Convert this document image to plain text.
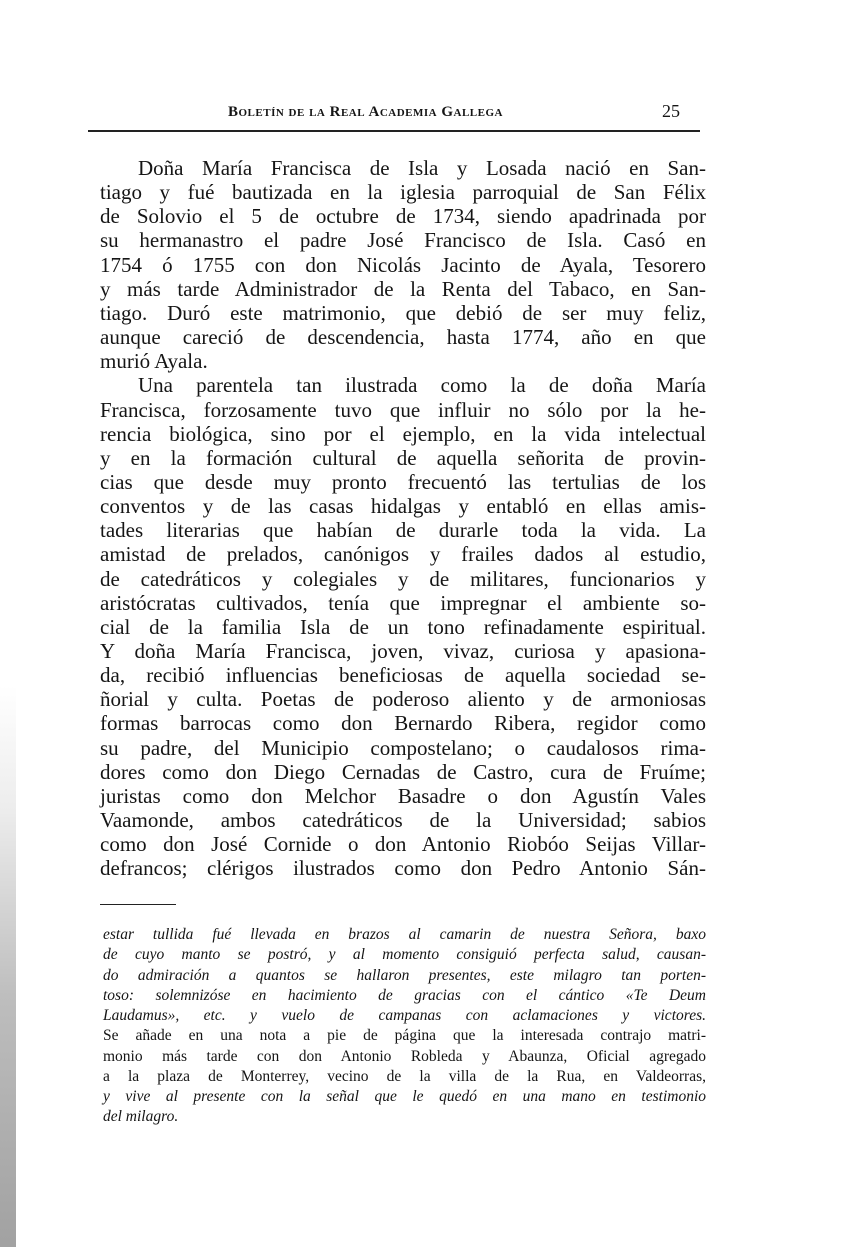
Boletín de la Real Academia Gallega	25
Doña María Francisca de Isla y Losada nació en San-
tiago y fué bautizada en la iglesia parroquial de San Félix
de Solovio el 5 de octubre de 1734, siendo apadrinada por
su hermanastro el padre José Francisco de Isla. Casó en
1754 ó 1755 con don Nicolás Jacinto de Ayala, Tesorero
y más tarde Administrador de la Renta del Tabaco, en San-
tiago. Duró este matrimonio, que debió de ser muy feliz,
aunque careció de descendencia, hasta 1774, año en que
murió Ayala.
Una parentela tan ilustrada como la de doña María
Francisca, forzosamente tuvo que influir no sólo por la he-
rencia biológica, sino por el ejemplo, en la vida intelectual
y en la formación cultural de aquella señorita de provin-
cias que desde muy pronto frecuentó las tertulias de los
conventos y de las casas hidalgas y entabló en ellas amis-
tades literarias que habían de durarle toda la vida. La
amistad de prelados, canónigos y frailes dados al estudio,
de catedráticos y colegiales y de militares, funcionarios y
aristócratas cultivados, tenía que impregnar el ambiente so-
cial de la familia Isla de un tono refinadamente espiritual.
Y doña María Francisca, joven, vivaz, curiosa y apasiona-
da, recibió influencias beneficiosas de aquella sociedad se-
ñorial y culta. Poetas de poderoso aliento y de armoniosas
formas barrocas como don Bernardo Ribera, regidor como
su padre, del Municipio compostelano; o caudalosos rima-
dores como don Diego Cernadas de Castro, cura de Fruíme;
juristas como don Melchor Basadre o don Agustín Vales
Vaamonde, ambos catedráticos de la Universidad; sabios
como don José Cornide o don Antonio Riobóo Seijas Villar-
defrancos; clérigos ilustrados como don Pedro Antonio Sán-
estar tullida fué llevada en brazos al camarin de nuestra Señora, baxo
de cuyo manto se postró, y al momento consiguió perfecta salud, causan-
do admiración a quantos se hallaron presentes, este milagro tan porten-
toso: solemnizóse en hacimiento de gracias con el cántico «Te Deum
Laudamus», etc. y vuelo de campanas con aclamaciones y victores.
Se añade en una nota a pie de página que la interesada contrajo matri-
monio más tarde con don Antonio Robleda y Abaunza, Oficial agregado
a la plaza de Monterrey, vecino de la villa de la Rua, en Valdeorras,
y vive al presente con la señal que le quedó en una mano en testimonio
del milagro.
